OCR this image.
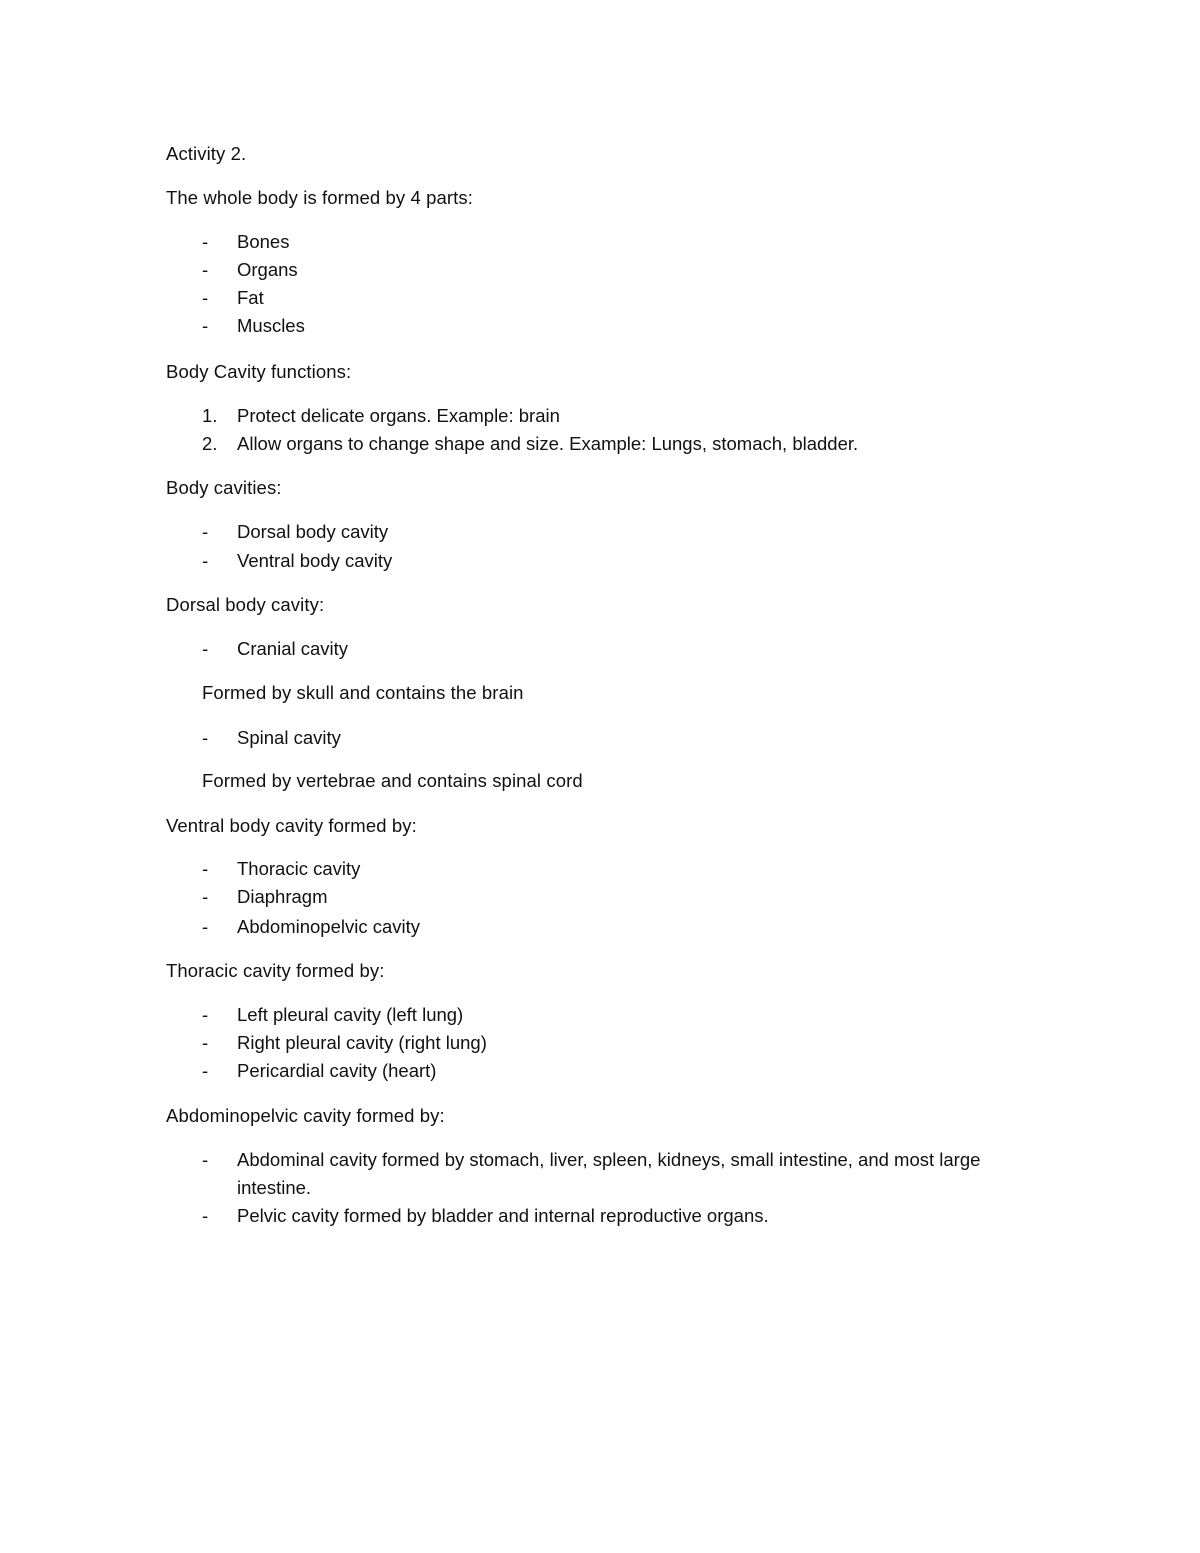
Activity 2.
The whole body is formed by 4 parts:
- Bones
- Organs
- Fat
- Muscles
Body Cavity functions:
1. Protect delicate organs. Example: brain
2. Allow organs to change shape and size. Example: Lungs, stomach, bladder.
Body cavities:
- Dorsal body cavity
- Ventral body cavity
Dorsal body cavity:
- Cranial cavity
Formed by skull and contains the brain
- Spinal cavity
Formed by vertebrae and contains spinal cord
Ventral body cavity formed by:
- Thoracic cavity
- Diaphragm
- Abdominopelvic cavity
Thoracic cavity formed by:
- Left pleural cavity (left lung)
- Right pleural cavity (right lung)
- Pericardial cavity (heart)
Abdominopelvic cavity formed by:
- Abdominal cavity formed by stomach, liver, spleen, kidneys, small intestine, and most large
intestine.
- Pelvic cavity formed by bladder and internal reproductive organs.
